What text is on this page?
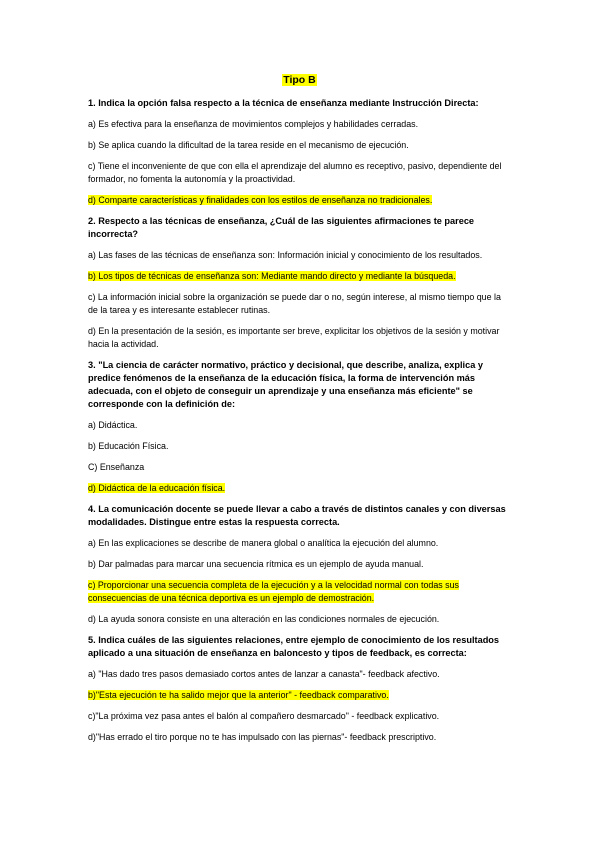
Tipo B

1. Indica la opción falsa respecto a la técnica de enseñanza mediante Instrucción Directa:

a) Es efectiva para la enseñanza de movimientos complejos y habilidades cerradas.

b) Se aplica cuando la dificultad de la tarea reside en el mecanismo de ejecución.

c) Tiene el inconveniente de que con ella el aprendizaje del alumno es receptivo, pasivo, dependiente del formador, no fomenta la autonomía y la proactividad.

d) Comparte características y finalidades con los estilos de enseñanza no tradicionales.

2. Respecto a las técnicas de enseñanza, ¿Cuál de las siguientes afirmaciones te parece incorrecta?

a) Las fases de las técnicas de enseñanza son: Información inicial y conocimiento de los resultados.

b) Los tipos de técnicas de enseñanza son: Mediante mando directo y mediante la búsqueda.

c) La información inicial sobre la organización se puede dar o no, según interese, al mismo tiempo que la de la tarea y es interesante establecer rutinas.

d) En la presentación de la sesión, es importante ser breve, explicitar los objetivos de la sesión y motivar hacia la actividad.

3. "La ciencia de carácter normativo, práctico y decisional, que describe, analiza, explica y predice fenómenos de la enseñanza de la educación física, la forma de intervención más adecuada, con el objeto de conseguir un aprendizaje y una enseñanza más eficiente" se corresponde con la definición de:

a) Didáctica.

b) Educación Física.

C) Enseñanza

d) Didáctica de la educación física.

4. La comunicación docente se puede llevar a cabo a través de distintos canales y con diversas modalidades. Distingue entre estas la respuesta correcta.

a) En las explicaciones se describe de manera global o analítica la ejecución del alumno.

b) Dar palmadas para marcar una secuencia rítmica es un ejemplo de ayuda manual.

c) Proporcionar una secuencia completa de la ejecución y a la velocidad normal con todas sus consecuencias de una técnica deportiva es un ejemplo de demostración.

d) La ayuda sonora consiste en una alteración en las condiciones normales de ejecución.

5. Indica cuáles de las siguientes relaciones, entre ejemplo de conocimiento de los resultados aplicado a una situación de enseñanza en baloncesto y tipos de feedback, es correcta:

a) "Has dado tres pasos demasiado cortos antes de lanzar a canasta"- feedback afectivo.

b)"Esta ejecución te ha salido mejor que la anterior" - feedback comparativo.

c)"La próxima vez pasa antes el balón al compañero desmarcado" - feedback explicativo.

d)"Has errado el tiro porque no te has impulsado con las piernas"- feedback prescriptivo.
